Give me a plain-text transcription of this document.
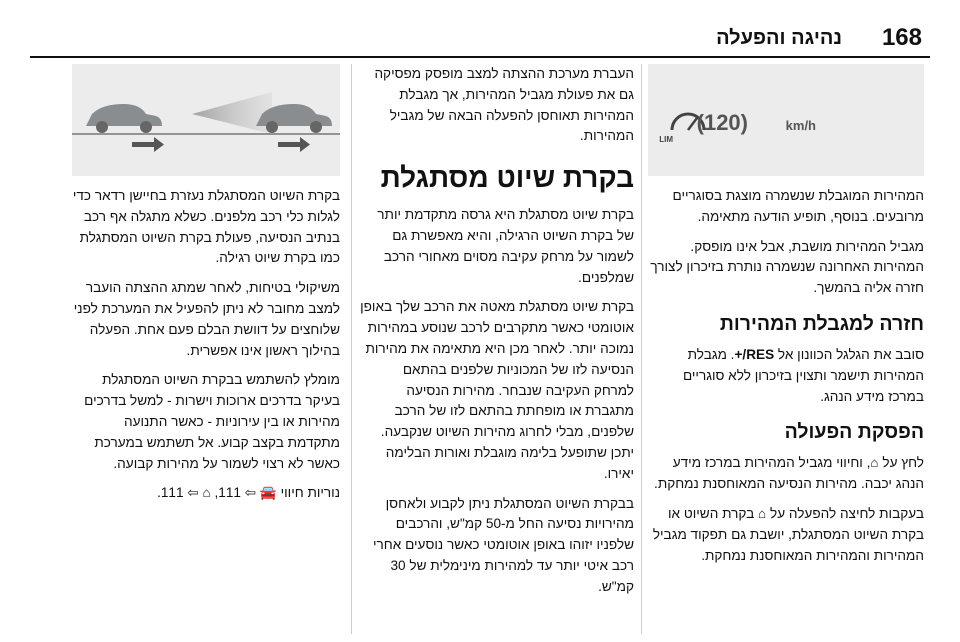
168
נהיגה והפעלה
LIM
(120)	km/h

המהירות המוגבלת שנשמרה מוצגת בסוגריים מרובעים. בנוסף, תופיע הודעה מתאימה.

מגביל המהירות מושבת, אבל אינו מופסק. המהירות האחרונה שנשמרה נותרת בזיכרון לצורך חזרה אליה בהמשך.

חזרה למגבלת המהירות

סובב את הגלגל הכוונון אל RES/+. מגבלת המהירות תישמר ותצוין בזיכרון ללא סוגריים במרכז מידע הנהג.

הפסקת הפעולה

לחץ על ⌂, וחיווי מגביל המהירות במרכז מידע הנהג יכבה. מהירות הנסיעה המאוחסנת נמחקת.

בעקבות לחיצה להפעלה על ⌂ בקרת השיוט או בקרת השיוט המסתגלת, יושבת גם תפקוד מגביל המהירות והמהירות המאוחסנת נמחקת.

העברת מערכת ההצתה למצב מופסק מפסיקה גם את פעולת מגביל המהירות, אך מגבלת המהירות תאוחסן להפעלה הבאה של מגביל המהירות.

בקרת שיוט מסתגלת

בקרת שיוט מסתגלת היא גרסה מתקדמת יותר של בקרת השיוט הרגילה, והיא מאפשרת גם לשמור על מרחק עקיבה מסוים מאחורי הרכב שמלפנים.

בקרת שיוט מסתגלת מאטה את הרכב שלך באופן אוטומטי כאשר מתקרבים לרכב שנוסע במהירות נמוכה יותר. לאחר מכן היא מתאימה את מהירות הנסיעה לזו של המכוניות שלפנים בהתאם למרחק העקיבה שנבחר. מהירות הנסיעה מתגברת או מופחתת בהתאם לזו של הרכב שלפנים, מבלי לחרוג מהירות השיוט שנקבעה. יתכן שתופעל בלימה מוגבלת ואורות הבלימה יאירו.

בבקרת השיוט המסתגלת ניתן לקבוע ולאחסן מהירויות נסיעה החל מ-50 קמ"ש, והרכבים שלפניו יזוהו באופן אוטומטי כאשר נוסעים אחרי רכב איטי יותר עד למהירות מינימלית של 30 קמ"ש.

בקרת השיוט המסתגלת נעזרת בחיישן רדאר כדי לגלות כלי רכב מלפנים. כשלא מתגלה אף רכב בנתיב הנסיעה, פעולת בקרת השיוט המסתגלת כמו בקרת שיוט רגילה.

משיקולי בטיחות, לאחר שמתג ההצתה הועבר למצב מחובר לא ניתן להפעיל את המערכת לפני שלוחצים על דוושת הבלם פעם אחת. הפעלה בהילוך ראשון אינו אפשרית.

מומלץ להשתמש בבקרת השיוט המסתגלת בעיקר בדרכים ארוכות וישרות - למשל בדרכים מהירות או בין עירוניות - כאשר התנועה מתקדמת בקצב קבוע. אל תשתמש במערכת כאשר לא רצוי לשמור על מהירות קבועה.

נוריות חיווי 🚘 ⇦ 111, ⌂ ⇦ 111.
